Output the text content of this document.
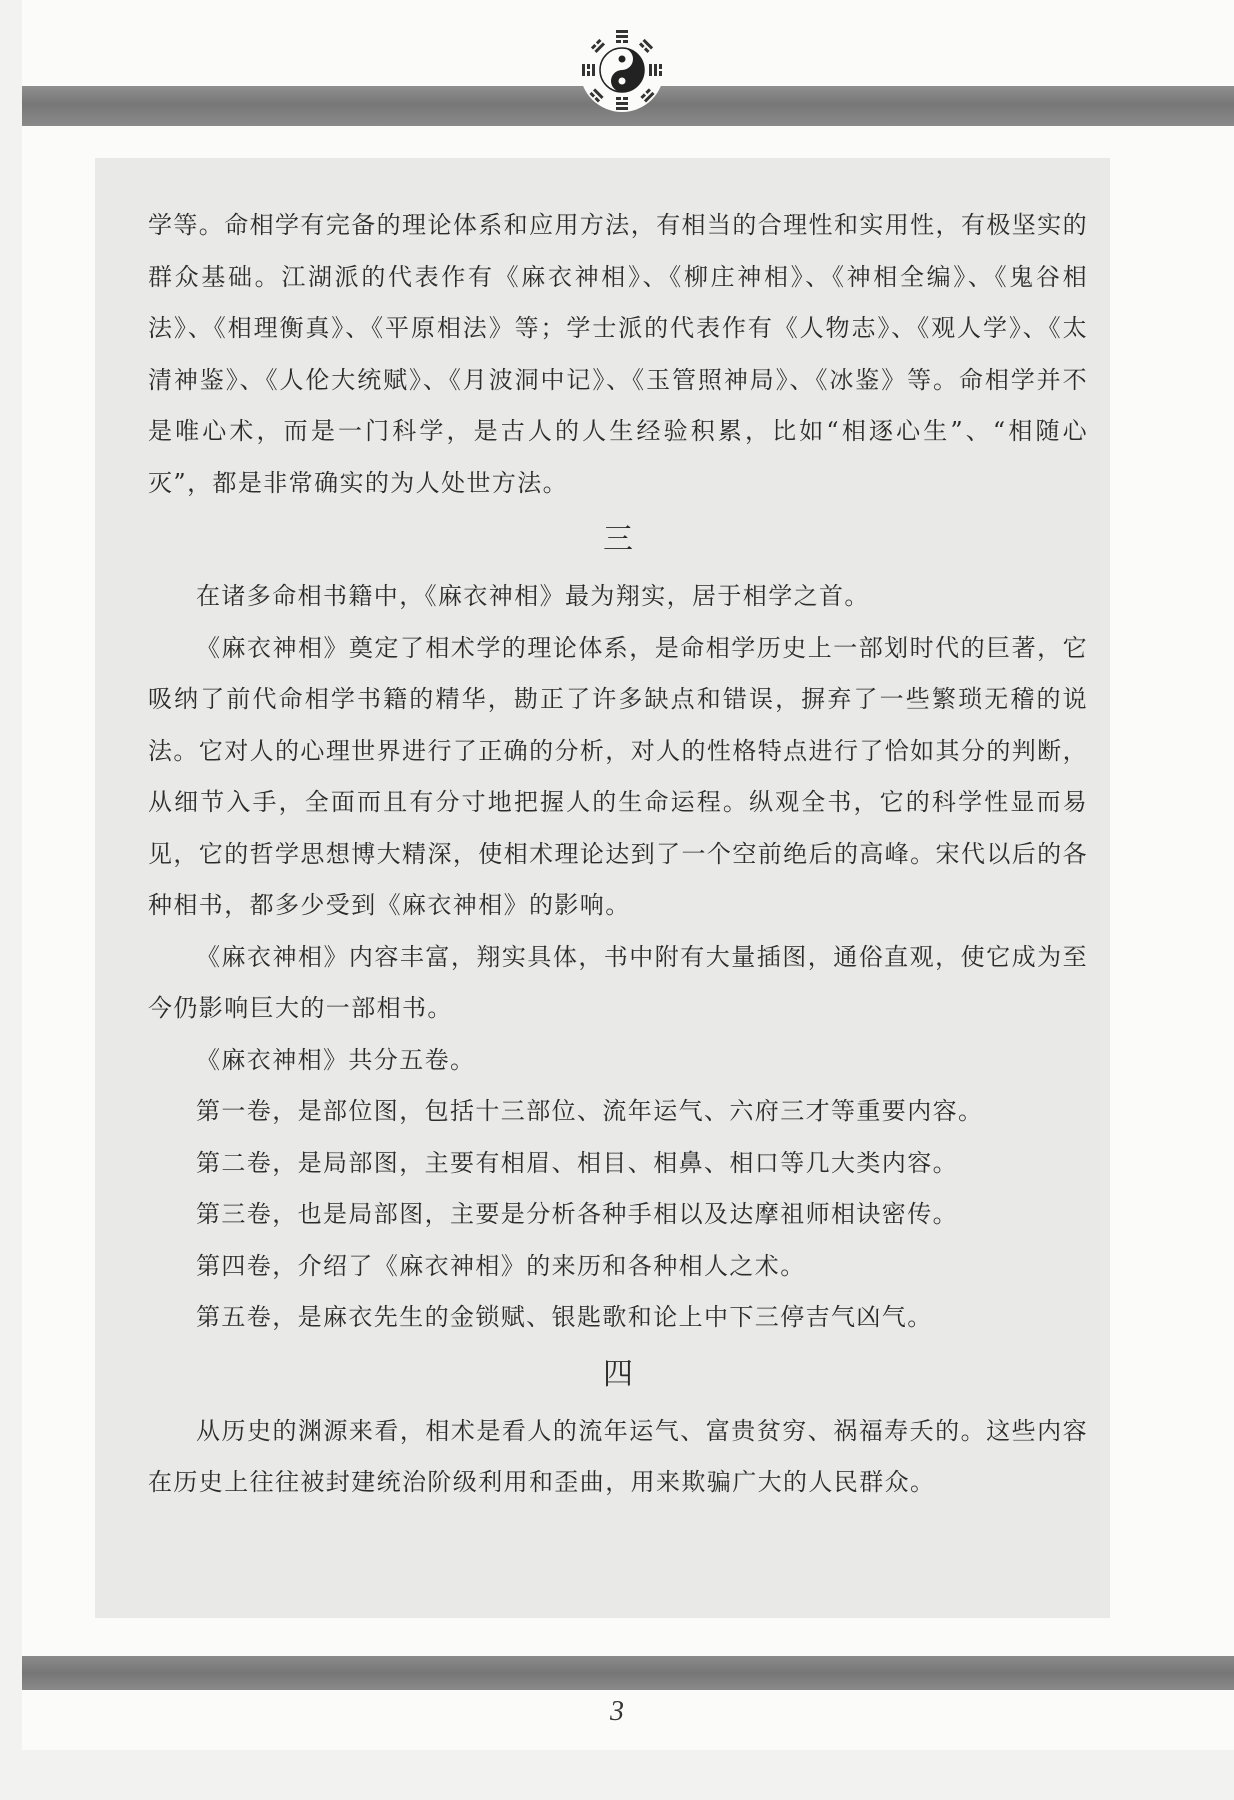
学等。命相学有完备的理论体系和应用方法，有相当的合理性和实用性，有极坚实的群众基础。江湖派的代表作有《麻衣神相》、《柳庄神相》、《神相全编》、《鬼谷相法》、《相理衡真》、《平原相法》等；学士派的代表作有《人物志》、《观人学》、《太清神鉴》、《人伦大统赋》、《月波洞中记》、《玉管照神局》、《冰鉴》等。命相学并不是唯心术，而是一门科学，是古人的人生经验积累，比如“相逐心生”、“相随心灭”，都是非常确实的为人处世方法。

三

在诸多命相书籍中，《麻衣神相》最为翔实，居于相学之首。

《麻衣神相》奠定了相术学的理论体系，是命相学历史上一部划时代的巨著，它吸纳了前代命相学书籍的精华，勘正了许多缺点和错误，摒弃了一些繁琐无稽的说法。它对人的心理世界进行了正确的分析，对人的性格特点进行了恰如其分的判断，从细节入手，全面而且有分寸地把握人的生命运程。纵观全书，它的科学性显而易见，它的哲学思想博大精深，使相术理论达到了一个空前绝后的高峰。宋代以后的各种相书，都多少受到《麻衣神相》的影响。

《麻衣神相》内容丰富，翔实具体，书中附有大量插图，通俗直观，使它成为至今仍影响巨大的一部相书。

《麻衣神相》共分五卷。

第一卷，是部位图，包括十三部位、流年运气、六府三才等重要内容。

第二卷，是局部图，主要有相眉、相目、相鼻、相口等几大类内容。

第三卷，也是局部图，主要是分析各种手相以及达摩祖师相诀密传。

第四卷，介绍了《麻衣神相》的来历和各种相人之术。

第五卷，是麻衣先生的金锁赋、银匙歌和论上中下三停吉气凶气。

四

从历史的渊源来看，相术是看人的流年运气、富贵贫穷、祸福寿夭的。这些内容在历史上往往被封建统治阶级利用和歪曲，用来欺骗广大的人民群众。

3
